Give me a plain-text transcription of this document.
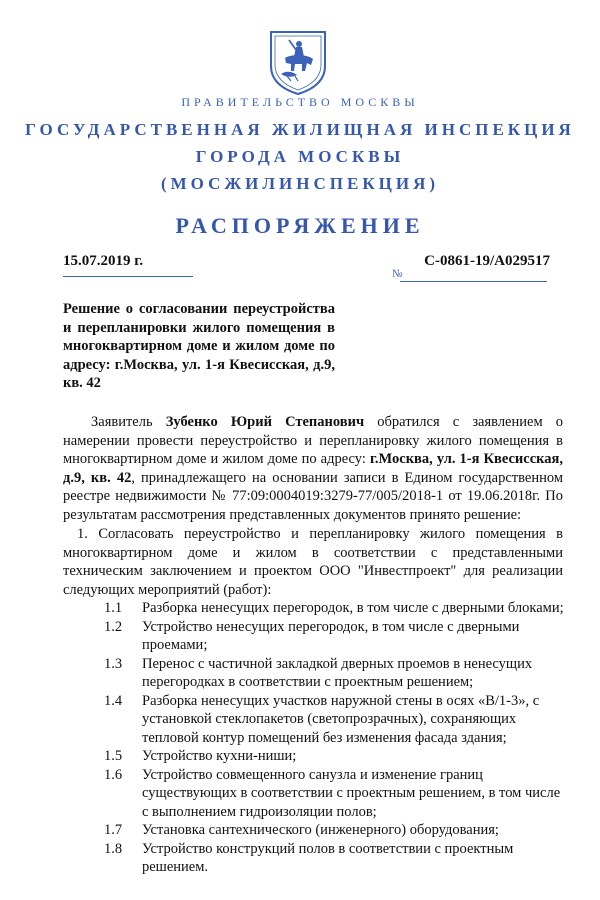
ПРАВИТЕЛЬСТВО МОСКВЫ
ГОСУДАРСТВЕННАЯ ЖИЛИЩНАЯ ИНСПЕКЦИЯ
ГОРОДА МОСКВЫ
(МОСЖИЛИНСПЕКЦИЯ)
РАСПОРЯЖЕНИЕ
15.07.2019 г.	С-0861-19/А029517
№
Решение о согласовании переустройства и перепланировки жилого помещения в многоквартирном доме и жилом доме по адресу: г.Москва, ул. 1-я Квесисская, д.9, кв. 42
Заявитель Зубенко Юрий Степанович обратился с заявлением о намерении провести переустройство и перепланировку жилого помещения в многоквартирном доме и жилом доме по адресу: г.Москва, ул. 1-я Квесисская, д.9, кв. 42, принадлежащего на основании записи в Едином государственном реестре недвижимости № 77:09:0004019:3279-77/005/2018-1 от 19.06.2018г. По результатам рассмотрения представленных документов принято решение:
1. Согласовать переустройство и перепланировку жилого помещения в многоквартирном доме и жилом в соответствии с представленными техническим заключением и проектом ООО "Инвестпроект" для реализации следующих мероприятий (работ):
1.1	Разборка ненесущих перегородок, в том числе с дверными блоками;
1.2	Устройство ненесущих перегородок, в том числе с дверными проемами;
1.3	Перенос с частичной закладкой дверных проемов в ненесущих перегородках в соответствии с проектным решением;
1.4	Разборка ненесущих участков наружной стены в осях «В/1-3», с установкой стеклопакетов (светопрозрачных), сохраняющих тепловой контур помещений без изменения фасада здания;
1.5	Устройство кухни-ниши;
1.6	Устройство совмещенного санузла и изменение границ существующих в соответствии с проектным решением, в том числе с выполнением гидроизоляции полов;
1.7	Установка сантехнического (инженерного) оборудования;
1.8	Устройство конструкций полов в соответствии с проектным решением.
